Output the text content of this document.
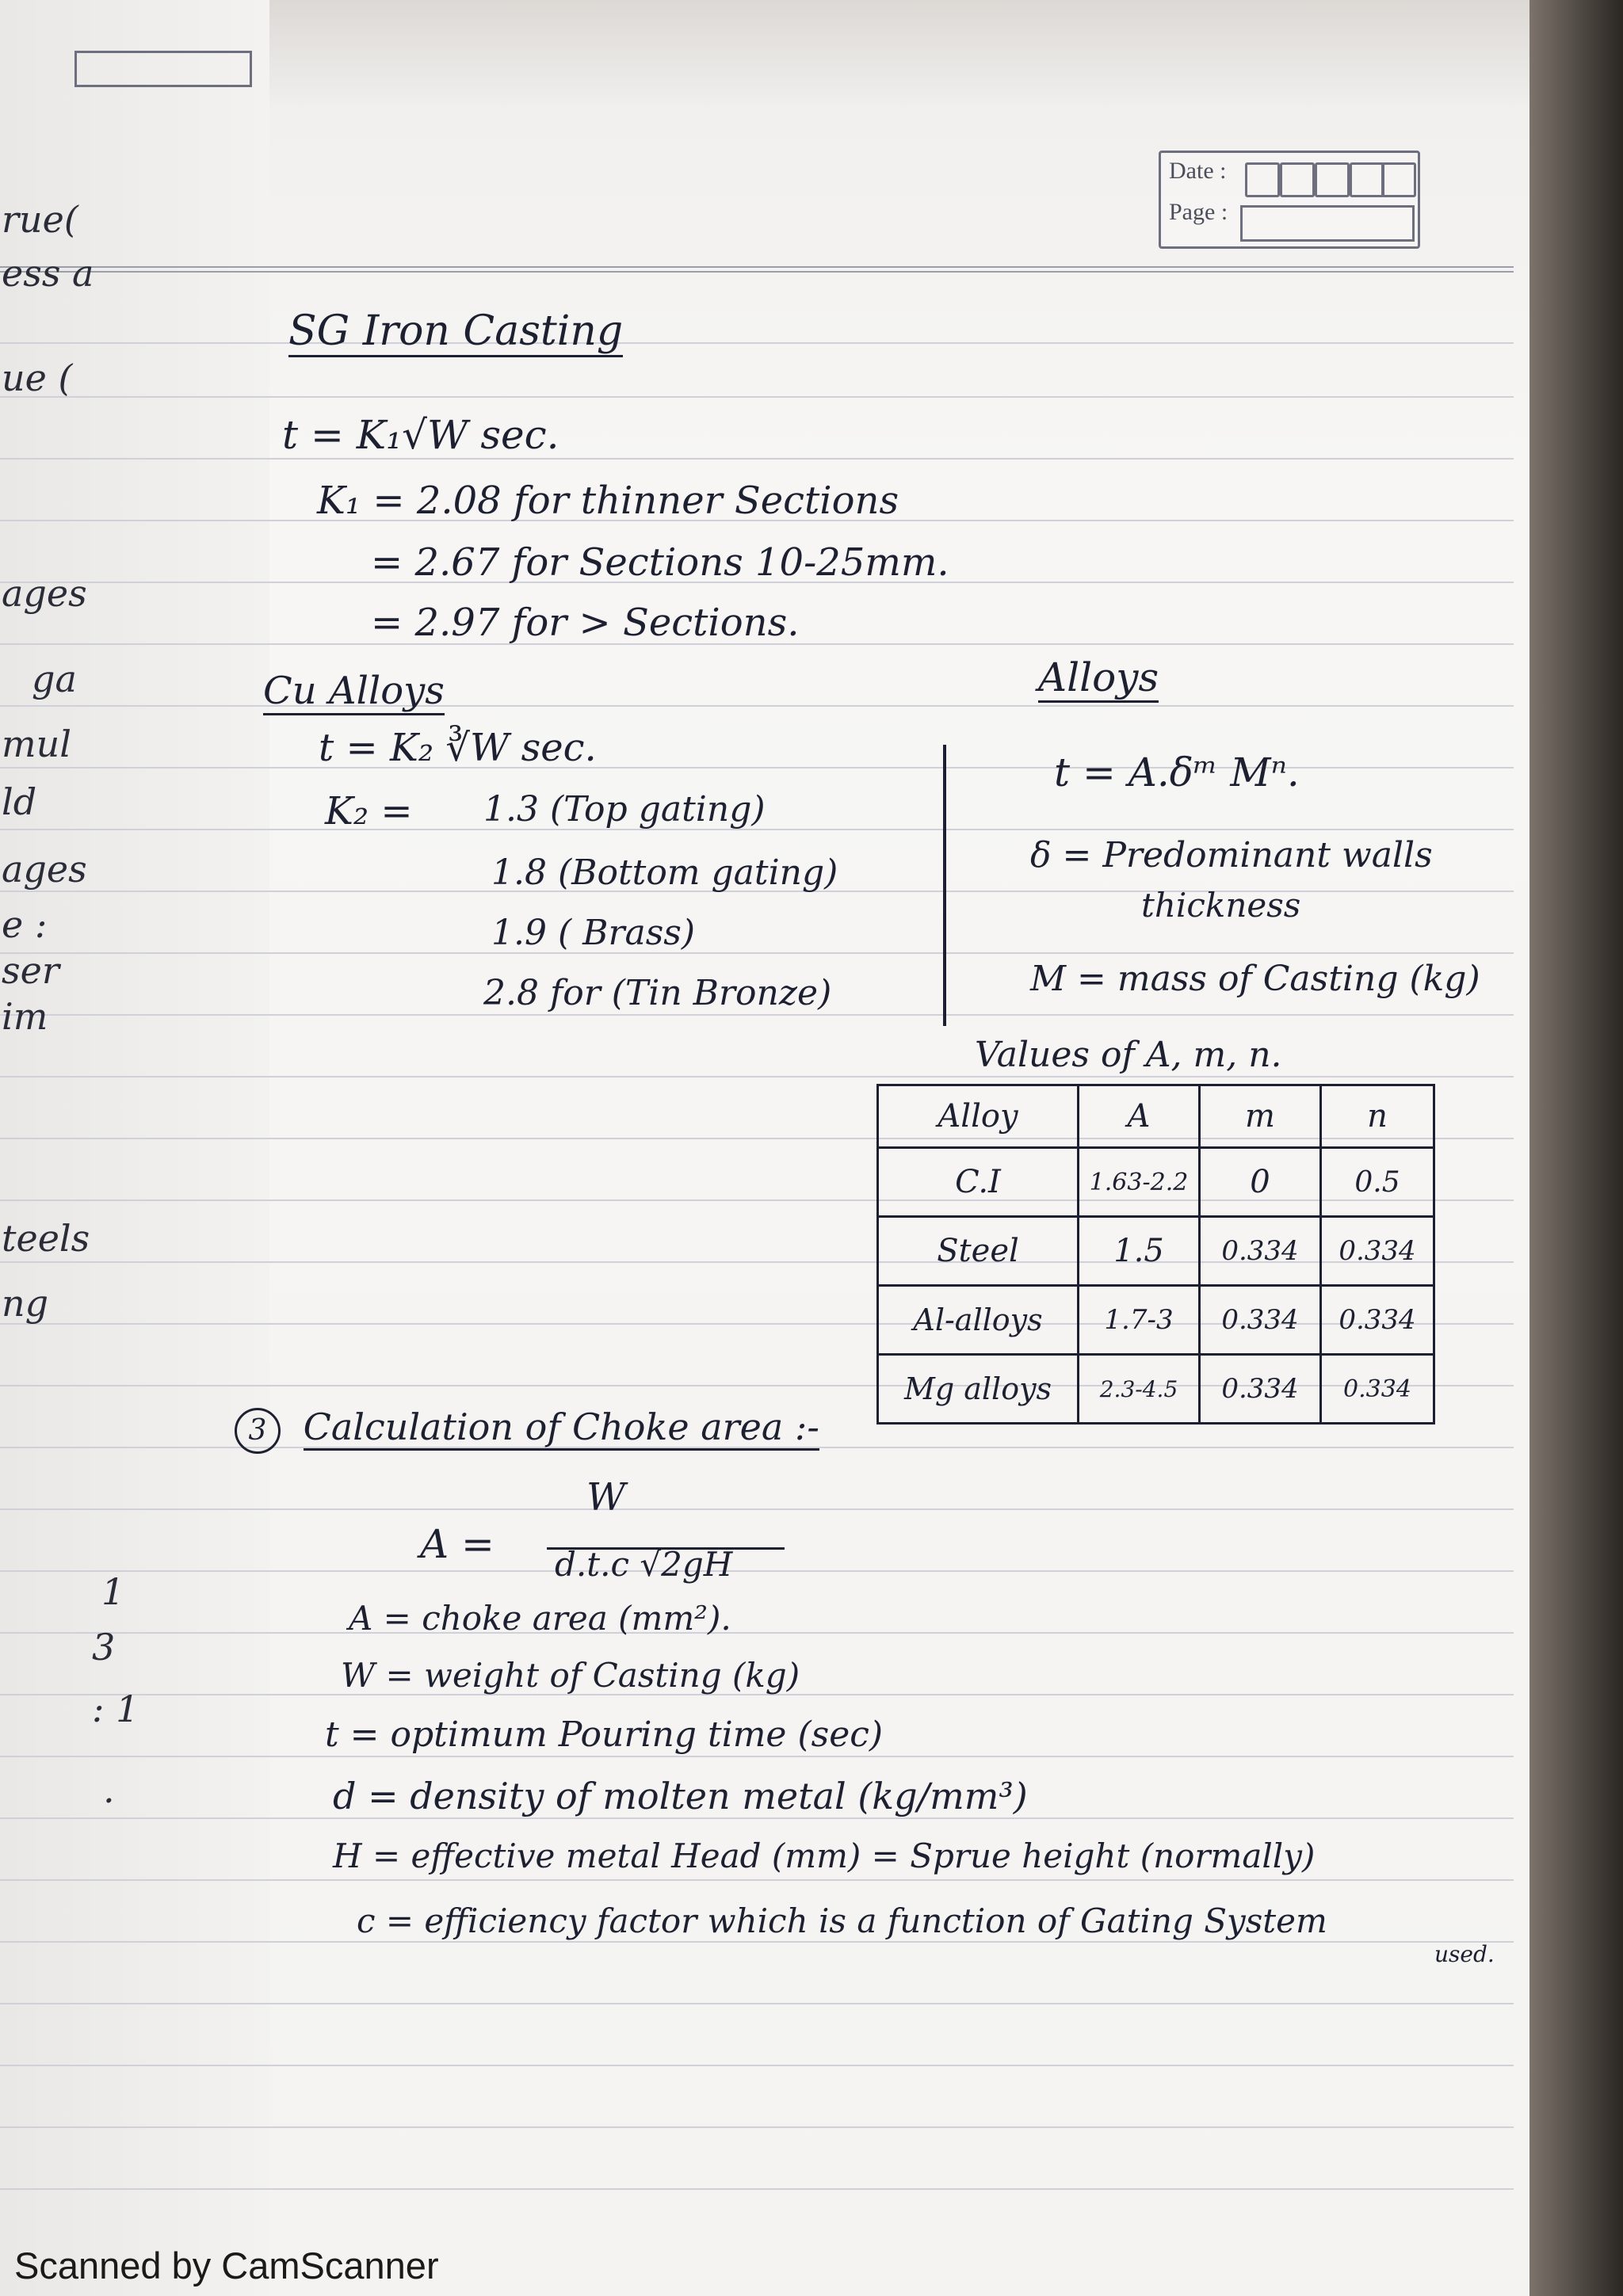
Date :
Page :
rue(
ess a
ue (
ages
ga
mul
ld
ages
e :
ser
im
teels
ng
1
3
: 1
.
SG Iron Casting
t = K₁√W sec.
K₁ = 2.08 for thinner Sections
= 2.67 for Sections 10-25mm.
= 2.97 for > Sections.
Cu Alloys
t = K₂ ∛W sec.
K₂ = 1.3 (Top gating)
1.8 (Bottom gating)
1.9 ( Brass)
2.8 for (Tin Bronze)
Alloys
t = A.δᵐ Mⁿ.
δ = Predominant walls
thickness
M = mass of Casting (kg)
Values of A, m, n.
Alloy	A	m	n
C.I	1.63-2.2	0	0.5
Steel	1.5	0.334	0.334
Al-alloys	1.7-3	0.334	0.334
Mg alloys	2.3-4.5	0.334	0.334
3 Calculation of Choke area :-
W
A = d.t.c √2gH
A = choke area (mm²).
W = weight of Casting (kg)
t = optimum Pouring time (sec)
d = density of molten metal (kg/mm³)
H = effective metal Head (mm) = Sprue height (normally)
c = efficiency factor which is a function of Gating System
used.
Scanned by CamScanner
